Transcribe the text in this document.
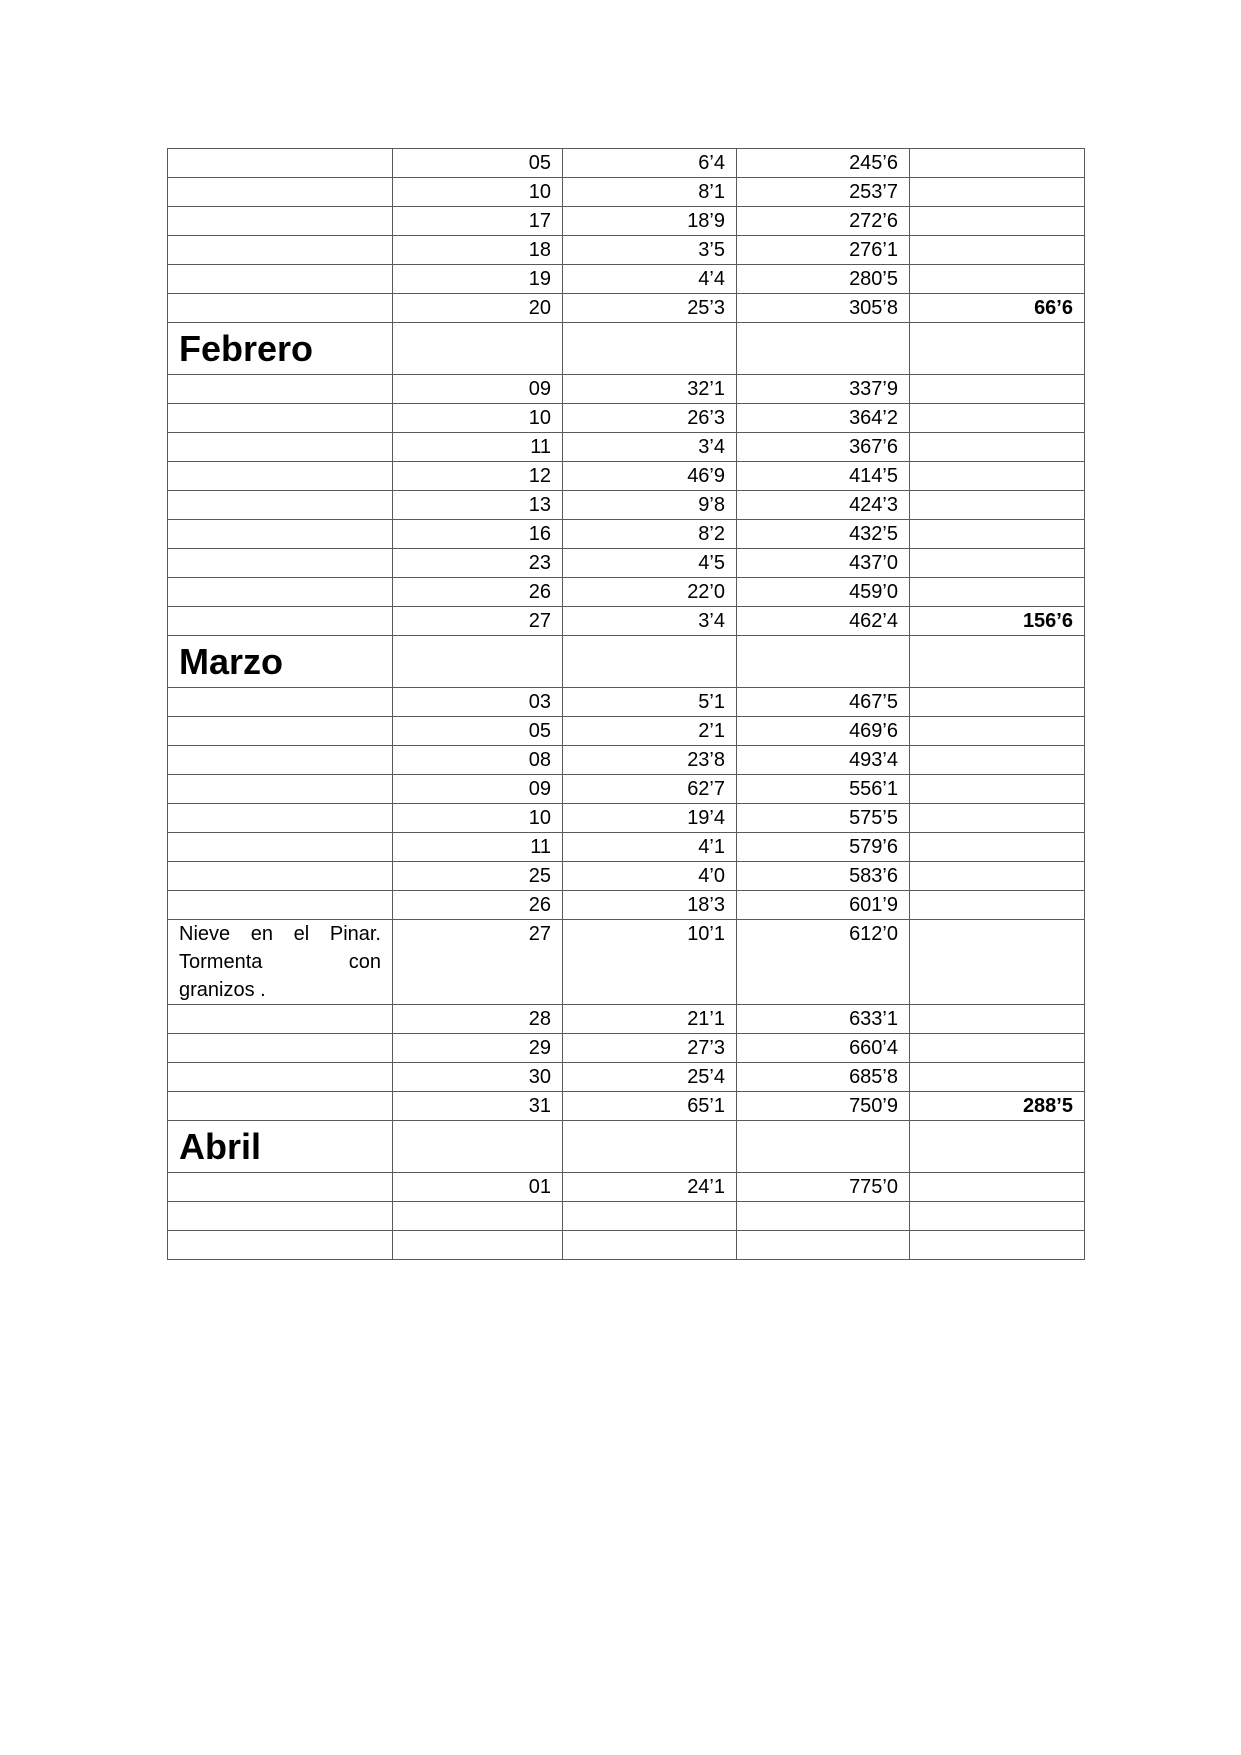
	05	6’4	245’6	
	10	8’1	253’7	
	17	18’9	272’6	
	18	3’5	276’1	
	19	4’4	280’5	
	20	25’3	305’8	66’6
Febrero				
	09	32’1	337’9	
	10	26’3	364’2	
	11	3’4	367’6	
	12	46’9	414’5	
	13	9’8	424’3	
	16	8’2	432’5	
	23	4’5	437’0	
	26	22’0	459’0	
	27	3’4	462’4	156’6
Marzo				
	03	5’1	467’5	
	05	2’1	469’6	
	08	23’8	493’4	
	09	62’7	556’1	
	10	19’4	575’5	
	11	4’1	579’6	
	25	4’0	583’6	
	26	18’3	601’9	
Nieve en el Pinar. Tormenta con granizos .	27	10’1	612’0	
	28	21’1	633’1	
	29	27’3	660’4	
	30	25’4	685’8	
	31	65’1	750’9	288’5
Abril				
	01	24’1	775’0	
